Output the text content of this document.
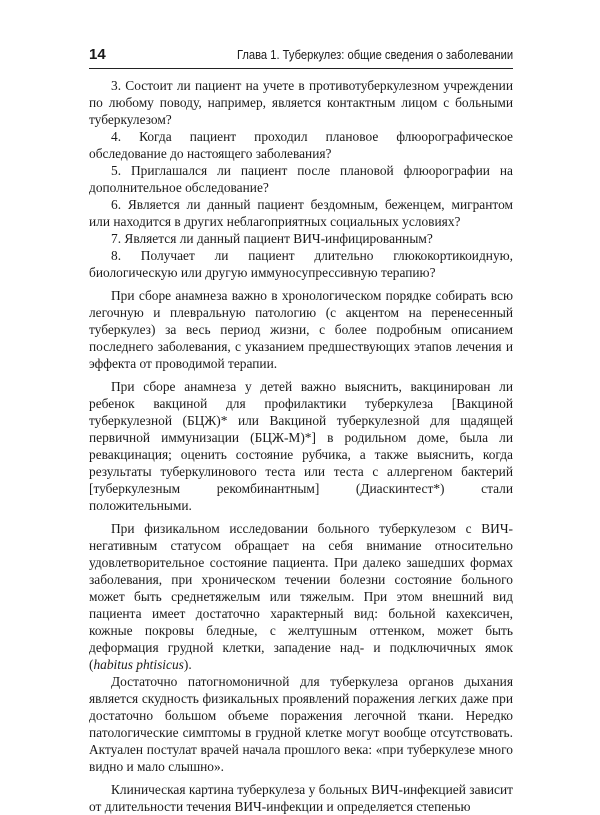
14	Глава 1. Туберкулез: общие сведения о заболевании

3. Состоит ли пациент на учете в противотуберкулезном учреждении по любому поводу, например, является контактным лицом с больными туберкулезом?

4. Когда пациент проходил плановое флюорографическое обследование до настоящего заболевания?

5. Приглашался ли пациент после плановой флюорографии на дополнительное обследование?

6. Является ли данный пациент бездомным, беженцем, мигрантом или находится в других неблагоприятных социальных условиях?

7. Является ли данный пациент ВИЧ-инфицированным?

8. Получает ли пациент длительно глюкокортикоидную, биологическую или другую иммуносупрессивную терапию?

При сборе анамнеза важно в хронологическом порядке собирать всю легочную и плевральную патологию (с акцентом на перенесенный туберкулез) за весь период жизни, с более подробным описанием последнего заболевания, с указанием предшествующих этапов лечения и эффекта от проводимой терапии.

При сборе анамнеза у детей важно выяснить, вакцинирован ли ребенок вакциной для профилактики туберкулеза [Вакциной туберкулезной (БЦЖ)* или Вакциной туберкулезной для щадящей первичной иммунизации (БЦЖ-М)*] в родильном доме, была ли ревакцинация; оценить состояние рубчика, а также выяснить, когда результаты туберкулинового теста или теста с аллергеном бактерий [туберкулезным рекомбинантным] (Диаскинтест*) стали положительными.

При физикальном исследовании больного туберкулезом с ВИЧ-негативным статусом обращает на себя внимание относительно удовлетворительное состояние пациента. При далеко зашедших формах заболевания, при хроническом течении болезни состояние больного может быть среднетяжелым или тяжелым. При этом внешний вид пациента имеет достаточно характерный вид: больной кахексичен, кожные покровы бледные, с желтушным оттенком, может быть деформация грудной клетки, западение над- и подключичных ямок (habitus phtisicus).

Достаточно патогномоничной для туберкулеза органов дыхания является скудность физикальных проявлений поражения легких даже при достаточно большом объеме поражения легочной ткани. Нередко патологические симптомы в грудной клетке могут вообще отсутствовать. Актуален постулат врачей начала прошлого века: «при туберкулезе много видно и мало слышно».

Клиническая картина туберкулеза у больных ВИЧ-инфекцией зависит от длительности течения ВИЧ-инфекции и определяется степенью
